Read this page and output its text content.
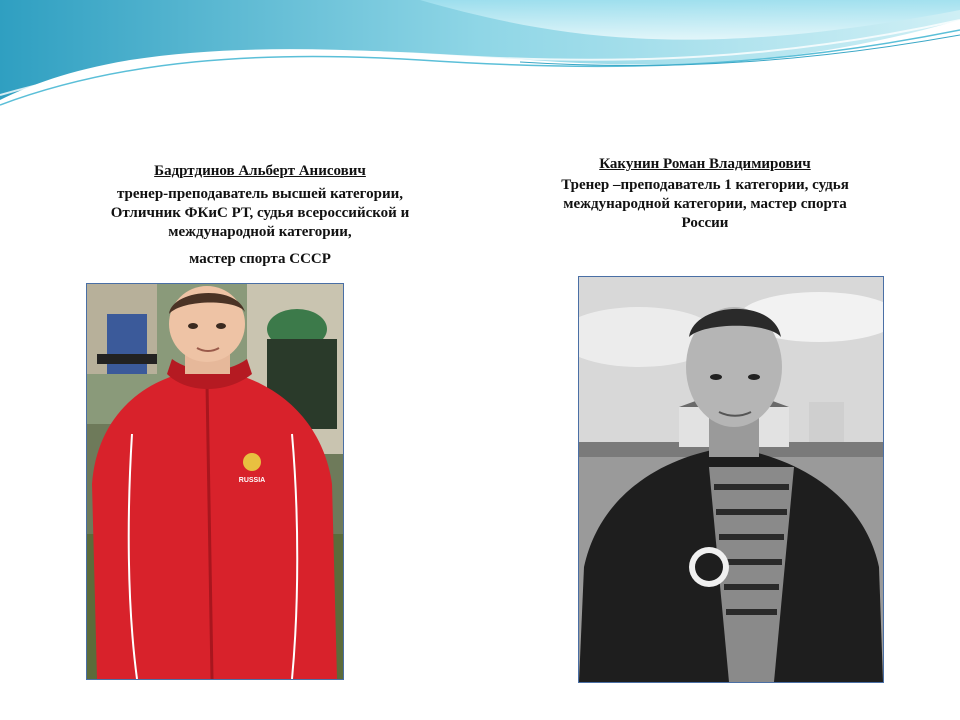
Бадртдинов Альберт Анисович
тренер-преподаватель высшей категории,
Отличник ФКиС РТ, судья всероссийской и
международной категории,
мастер спорта СССР
Какунин Роман Владимирович
Тренер –преподаватель 1 категории, судья
международной категории, мастер спорта
России
RUSSIA
